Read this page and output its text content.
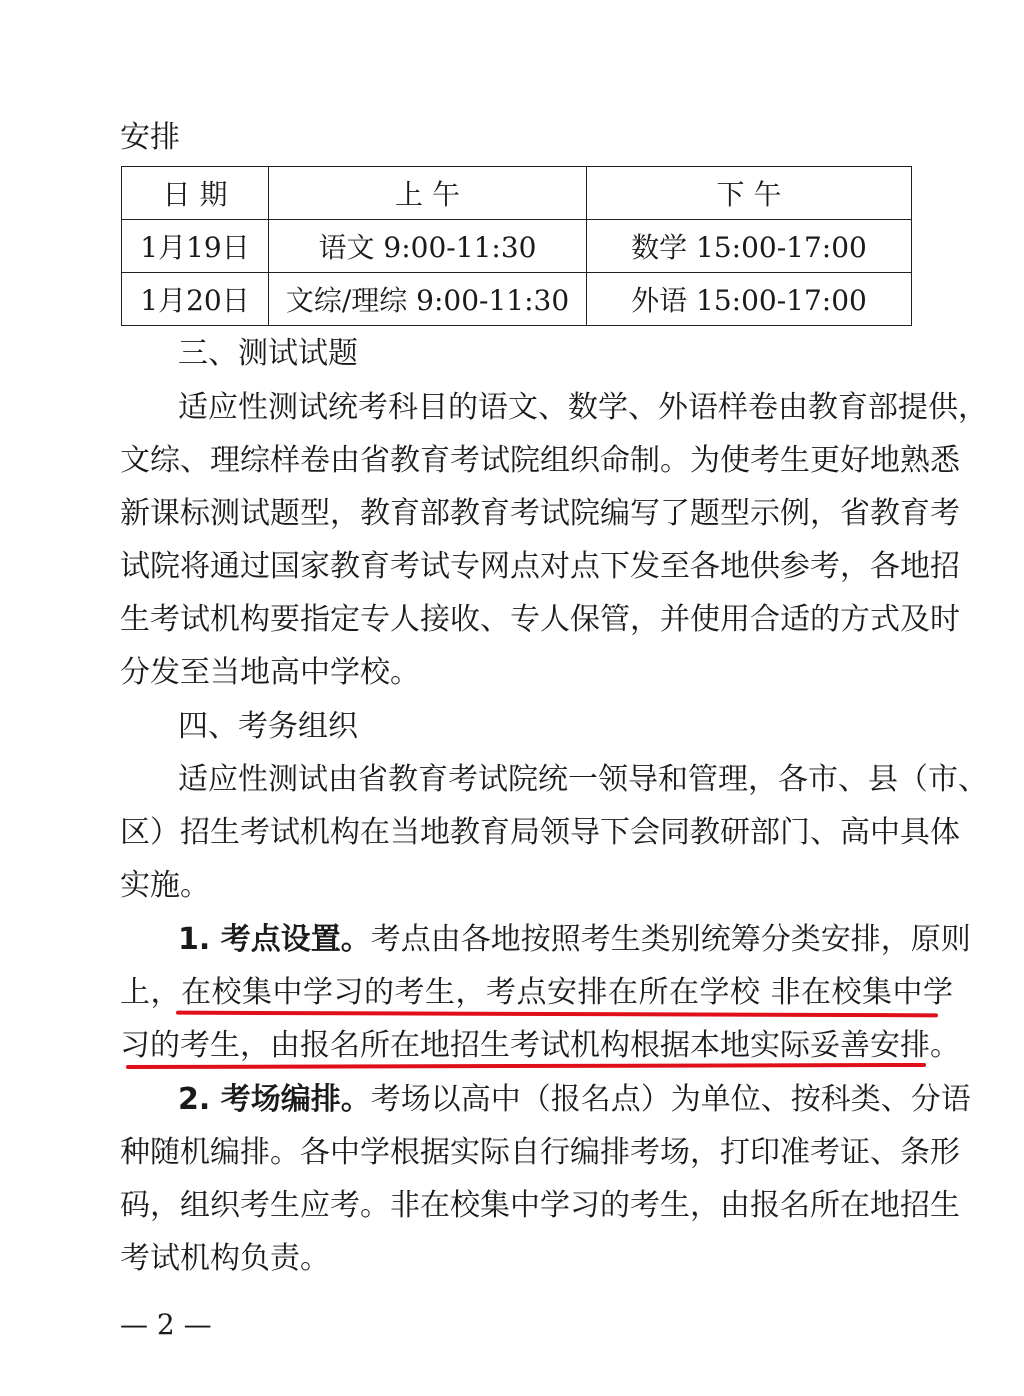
安排
日 期	上 午	下 午
1月19日	语文 9:00-11:30	数学 15:00-17:00
1月20日	文综/理综 9:00-11:30	外语 15:00-17:00
三、测试试题
适应性测试统考科目的语文、数学、外语样卷由教育部提供，
文综、理综样卷由省教育考试院组织命制。为使考生更好地熟悉
新课标测试题型，教育部教育考试院编写了题型示例，省教育考
试院将通过国家教育考试专网点对点下发至各地供参考，各地招
生考试机构要指定专人接收、专人保管，并使用合适的方式及时
分发至当地高中学校。
四、考务组织
适应性测试由省教育考试院统一领导和管理，各市、县（市、
区）招生考试机构在当地教育局领导下会同教研部门、高中具体
实施。
1. 考点设置。考点由各地按照考生类别统筹分类安排，原则
上，在校集中学习的考生，考点安排在所在学校 非在校集中学
习的考生，由报名所在地招生考试机构根据本地实际妥善安排。
2. 考场编排。考场以高中（报名点）为单位、按科类、分语
种随机编排。各中学根据实际自行编排考场，打印准考证、条形
码，组织考生应考。非在校集中学习的考生，由报名所在地招生
考试机构负责。
— 2 —
